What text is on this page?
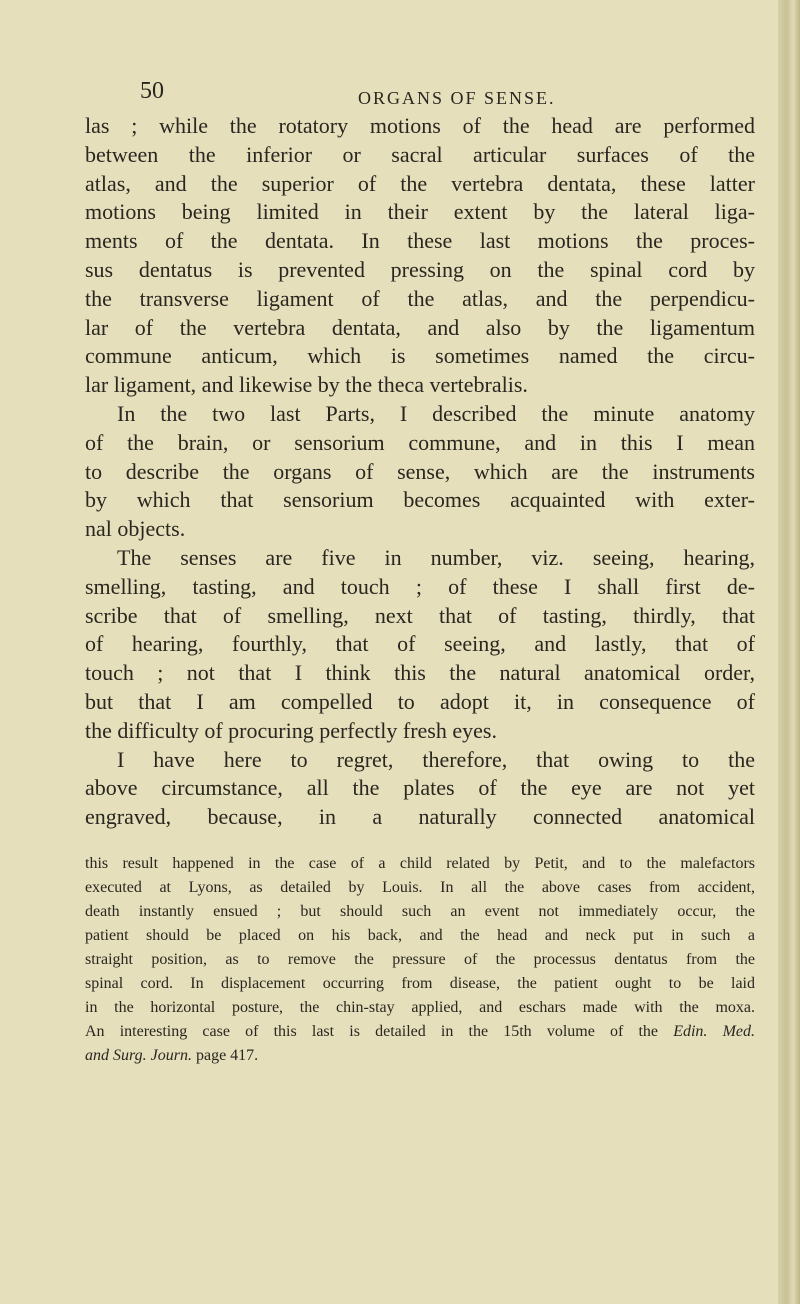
50	ORGANS OF SENSE.
las ; while the rotatory motions of the head are performed
between the inferior or sacral articular surfaces of the
atlas, and the superior of the vertebra dentata, these latter
motions being limited in their extent by the lateral liga-
ments of the dentata. In these last motions the proces-
sus dentatus is prevented pressing on the spinal cord by
the transverse ligament of the atlas, and the perpendicu-
lar of the vertebra dentata, and also by the ligamentum
commune anticum, which is sometimes named the circu-
lar ligament, and likewise by the theca vertebralis.
In the two last Parts, I described the minute anatomy
of the brain, or sensorium commune, and in this I mean
to describe the organs of sense, which are the instruments
by which that sensorium becomes acquainted with exter-
nal objects.
The senses are five in number, viz. seeing, hearing,
smelling, tasting, and touch ; of these I shall first de-
scribe that of smelling, next that of tasting, thirdly, that
of hearing, fourthly, that of seeing, and lastly, that of
touch ; not that I think this the natural anatomical order,
but that I am compelled to adopt it, in consequence of
the difficulty of procuring perfectly fresh eyes.
I have here to regret, therefore, that owing to the
above circumstance, all the plates of the eye are not yet
engraved, because, in a naturally connected anatomical
this result happened in the case of a child related by Petit, and to the malefactors
executed at Lyons, as detailed by Louis. In all the above cases from accident,
death instantly ensued ; but should such an event not immediately occur, the
patient should be placed on his back, and the head and neck put in such a
straight position, as to remove the pressure of the processus dentatus from the
spinal cord. In displacement occurring from disease, the patient ought to be laid
in the horizontal posture, the chin-stay applied, and eschars made with the moxa.
An interesting case of this last is detailed in the 15th volume of the Edin. Med.
and Surg. Journ. page 417.
